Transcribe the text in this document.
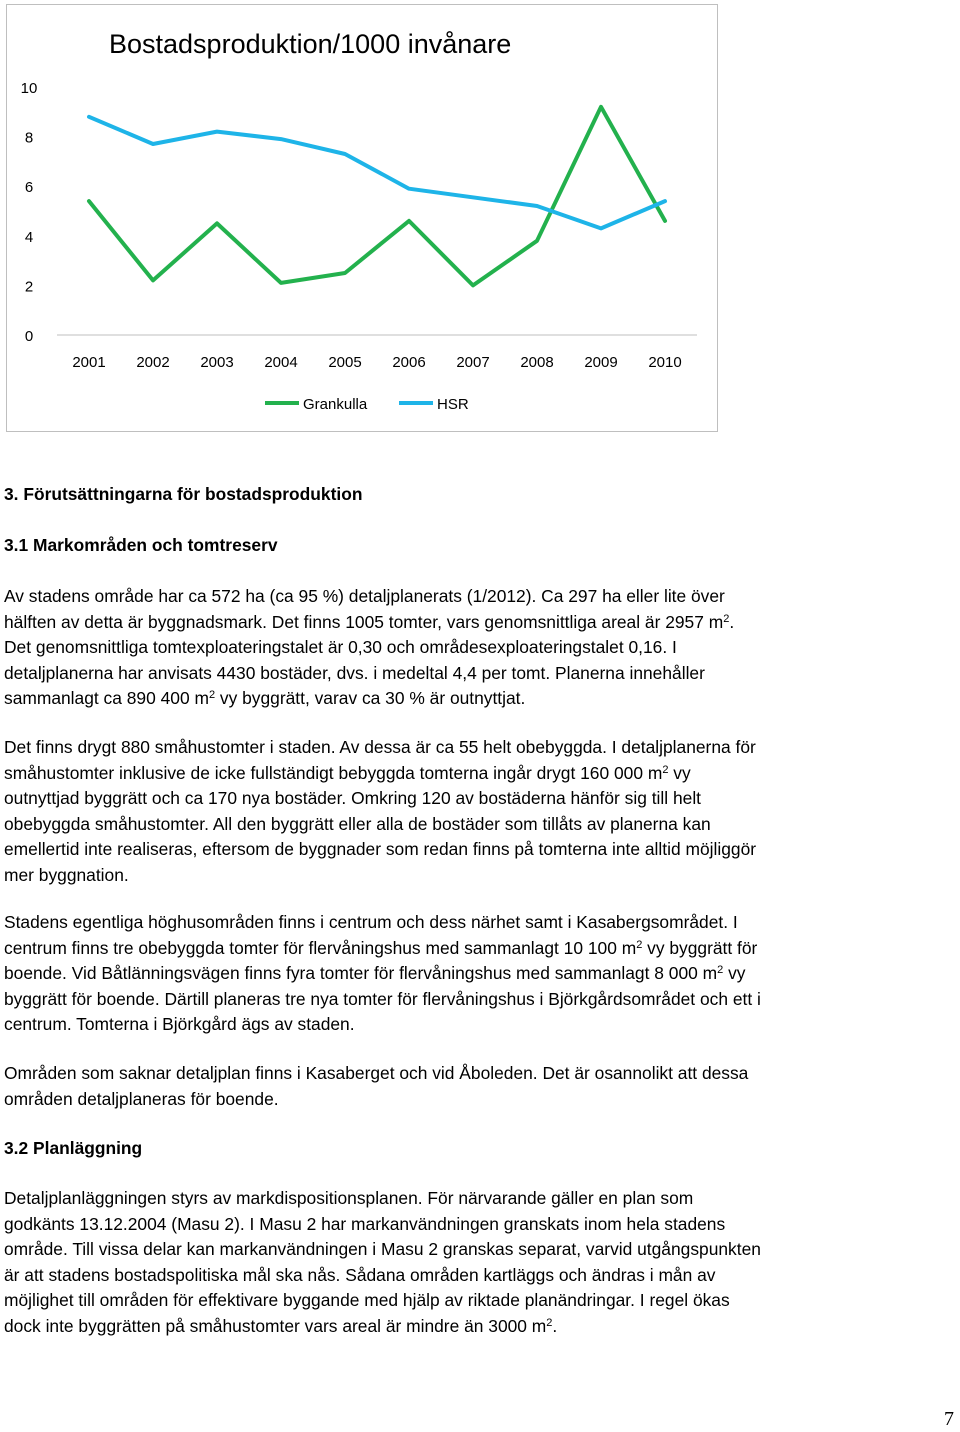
Bostadsproduktion/1000 invånare
0
2
4
6
8
10
2001 2002 2003 2004 2005 2006 2007 2008 2009 2010
Grankulla	HSR

3. Förutsättningarna för bostadsproduktion

3.1 Markområden och tomtreserv

Av stadens område har ca 572 ha (ca 95 %) detaljplanerats (1/2012). Ca 297 ha eller lite över
hälften av detta är byggnadsmark. Det finns 1005 tomter, vars genomsnittliga areal är 2957 $m^2$.
Det genomsnittliga tomtexploateringstalet är 0,30 och områdesexploateringstalet 0,16. I
detaljplanerna har anvisats 4430 bostäder, dvs. i medeltal 4,4 per tomt. Planerna innehåller
sammanlagt ca 890 400 $m^2$ vy byggrätt, varav ca 30 % är outnyttjat.
Det finns drygt 880 småhustomter i staden. Av dessa är ca 55 helt obebyggda. I detaljplanerna för
småhustomter inklusive de icke fullständigt bebyggda tomterna ingår drygt 160 000 $m^2$ vy
outnyttjad byggrätt och ca 170 nya bostäder. Omkring 120 av bostäderna hänför sig till helt
obebyggda småhustomter. All den byggrätt eller alla de bostäder som tillåts av planerna kan
emellertid inte realiseras, eftersom de byggnader som redan finns på tomterna inte alltid möjliggör
mer byggnation.
Stadens egentliga höghusområden finns i centrum och dess närhet samt i Kasabergsområdet. I
centrum finns tre obebyggda tomter för flervåningshus med sammanlagt 10 100 $m^2$ vy byggrätt för
boende. Vid Båtlänningsvägen finns fyra tomter för flervåningshus med sammanlagt 8 000 $m^2$ vy
byggrätt för boende. Därtill planeras tre nya tomter för flervåningshus i Björkgårdsområdet och ett i
centrum. Tomterna i Björkgård ägs av staden.
Områden som saknar detaljplan finns i Kasaberget och vid Åboleden. Det är osannolikt att dessa
områden detaljplaneras för boende.

3.2 Planläggning

Detaljplanläggningen styrs av markdispositionsplanen. För närvarande gäller en plan som
godkänts 13.12.2004 (Masu 2). I Masu 2 har markanvändningen granskats inom hela stadens
område. Till vissa delar kan markanvändningen i Masu 2 granskas separat, varvid utgångspunkten
är att stadens bostadspolitiska mål ska nås. Sådana områden kartläggs och ändras i mån av
möjlighet till områden för effektivare byggande med hjälp av riktade planändringar. I regel ökas
dock inte byggrätten på småhustomter vars areal är mindre än 3000 $m^2$.
7
